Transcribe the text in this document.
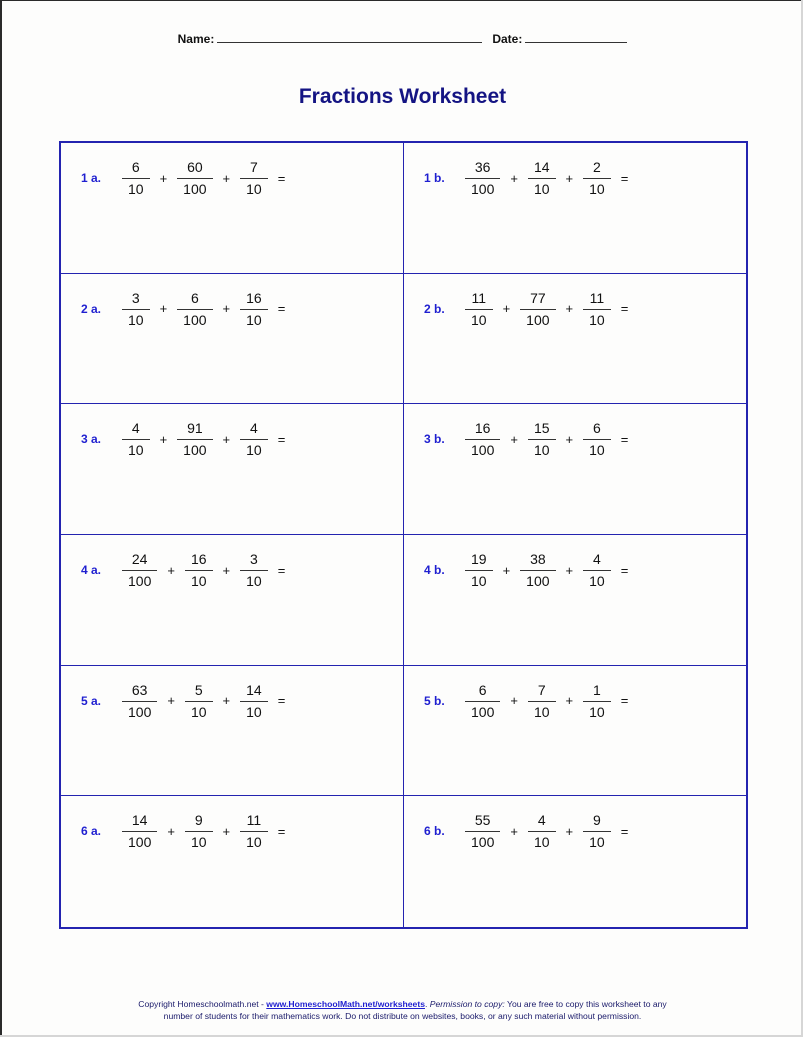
Name:	Date:
Fractions Worksheet
1 a.	$\frac{6}{10} + \frac{60}{100} + \frac{7}{10}$ =	1 b.	$\frac{36}{100} + \frac{14}{10} + \frac{2}{10}$ =
2 a.	$\frac{3}{10} + \frac{6}{100} + \frac{16}{10}$ =	2 b.	$\frac{11}{10} + \frac{77}{100} + \frac{11}{10}$ =
3 a.	$\frac{4}{10} + \frac{91}{100} + \frac{4}{10}$ =	3 b.	$\frac{16}{100} + \frac{15}{10} + \frac{6}{10}$ =
4 a.	$\frac{24}{100} + \frac{16}{10} + \frac{3}{10}$ =	4 b.	$\frac{19}{10} + \frac{38}{100} + \frac{4}{10}$ =
5 a.	$\frac{63}{100} + \frac{5}{10} + \frac{14}{10}$ =	5 b.	$\frac{6}{100} + \frac{7}{10} + \frac{1}{10}$ =
6 a.	$\frac{14}{100} + \frac{9}{10} + \frac{11}{10}$ =	6 b.	$\frac{55}{100} + \frac{4}{10} + \frac{9}{10}$ =
Copyright Homeschoolmath.net - www.HomeschoolMath.net/worksheets. Permission to copy: You are free to copy this worksheet to any
number of students for their mathematics work. Do not distribute on websites, books, or any such material without permission.
